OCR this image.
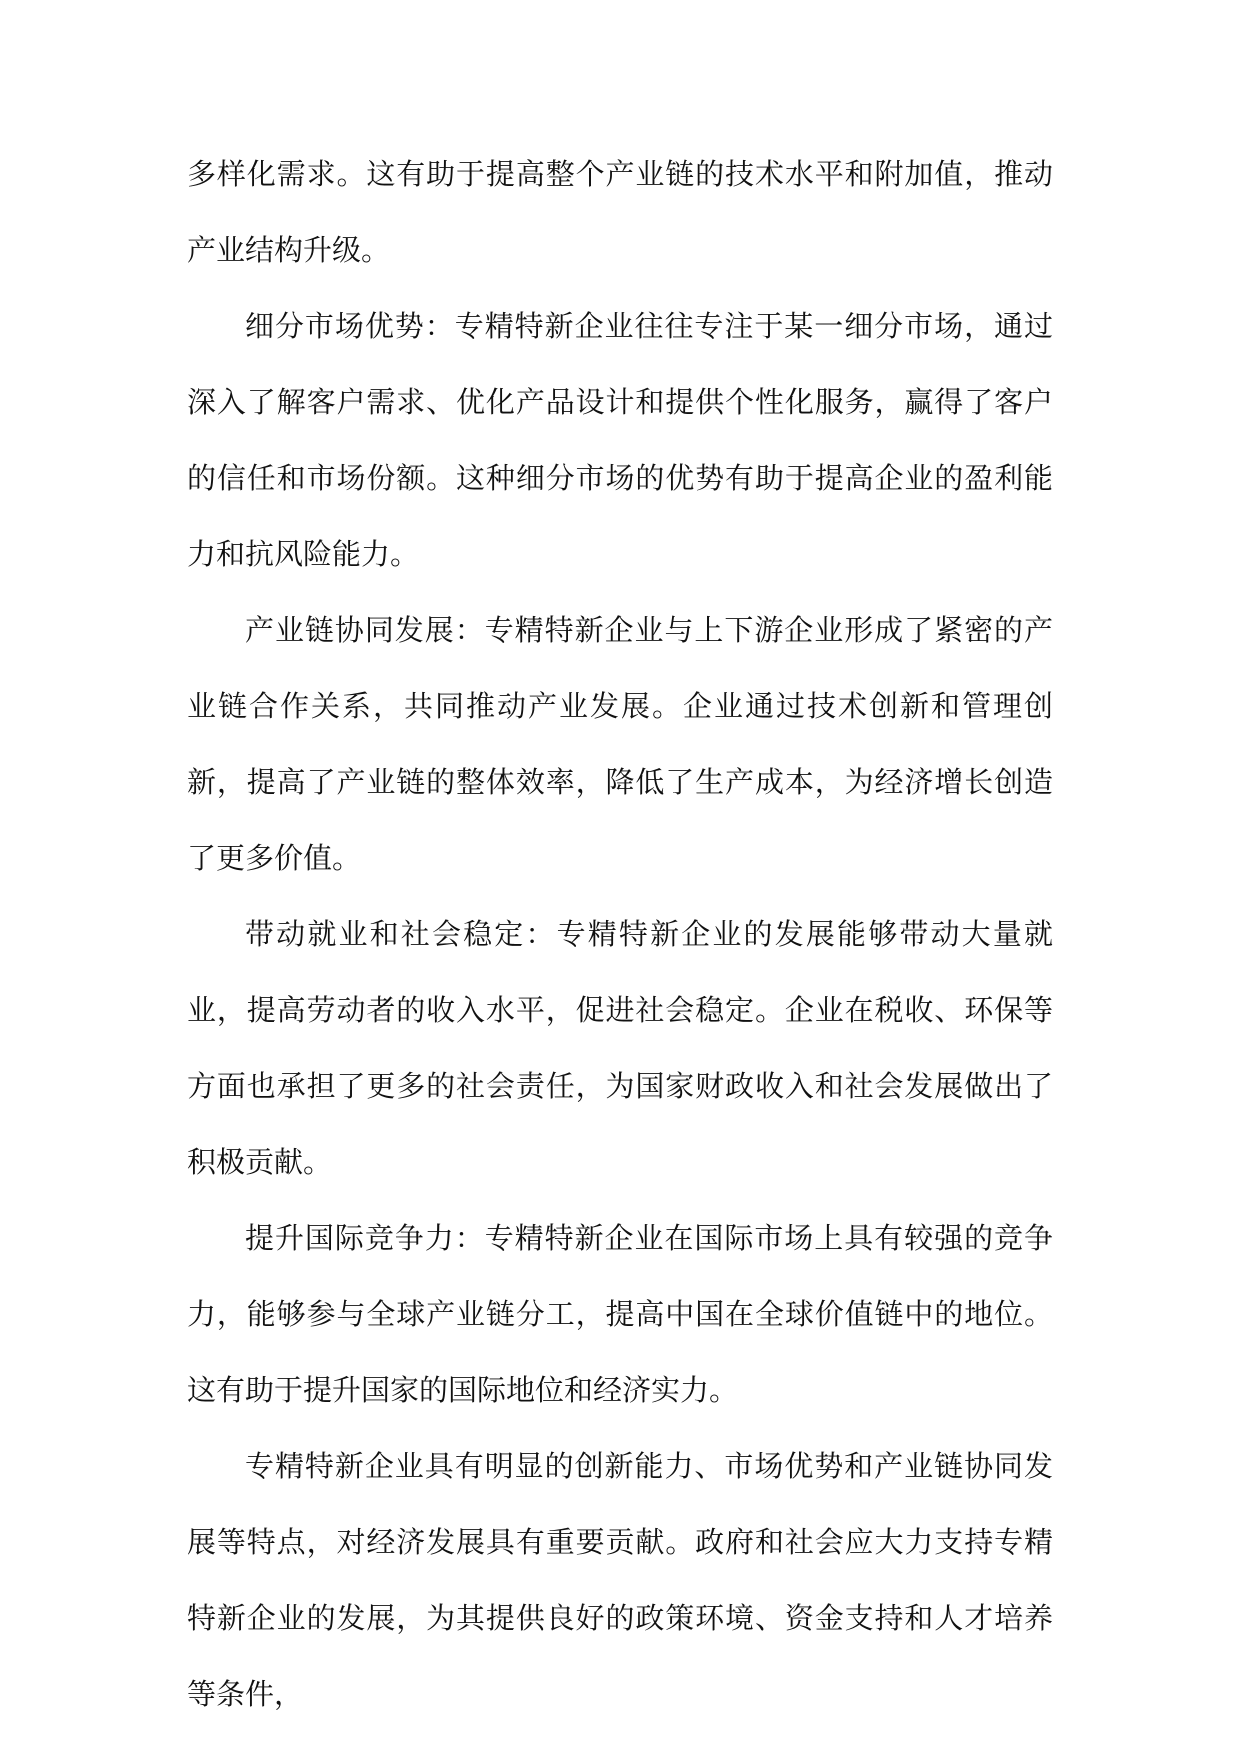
多样化需求。这有助于提高整个产业链的技术水平和附加值，推动产业结构升级。

细分市场优势：专精特新企业往往专注于某一细分市场，通过深入了解客户需求、优化产品设计和提供个性化服务，赢得了客户的信任和市场份额。这种细分市场的优势有助于提高企业的盈利能力和抗风险能力。

产业链协同发展：专精特新企业与上下游企业形成了紧密的产业链合作关系，共同推动产业发展。企业通过技术创新和管理创新，提高了产业链的整体效率，降低了生产成本，为经济增长创造了更多价值。

带动就业和社会稳定：专精特新企业的发展能够带动大量就业，提高劳动者的收入水平，促进社会稳定。企业在税收、环保等方面也承担了更多的社会责任，为国家财政收入和社会发展做出了积极贡献。

提升国际竞争力：专精特新企业在国际市场上具有较强的竞争力，能够参与全球产业链分工，提高中国在全球价值链中的地位。这有助于提升国家的国际地位和经济实力。

专精特新企业具有明显的创新能力、市场优势和产业链协同发展等特点，对经济发展具有重要贡献。政府和社会应大力支持专精特新企业的发展，为其提供良好的政策环境、资金支持和人才培养等条件，
